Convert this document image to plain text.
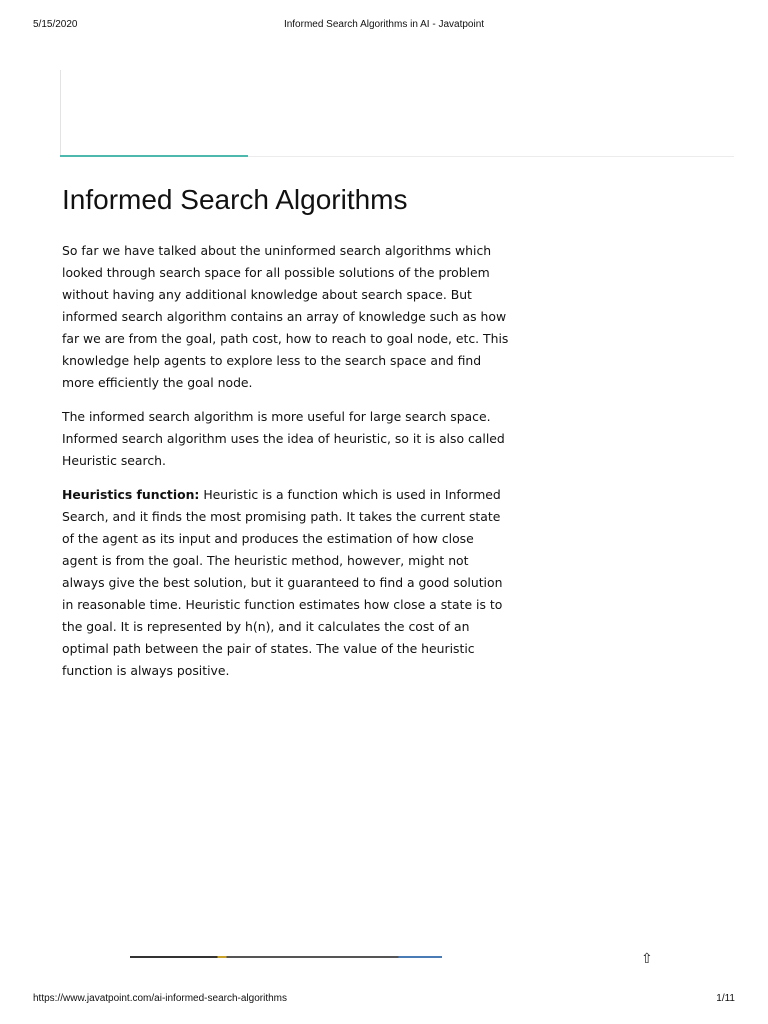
5/15/2020	Informed Search Algorithms in AI - Javatpoint
Informed Search Algorithms

So far we have talked about the uninformed search algorithms which looked through search space for all possible solutions of the problem without having any additional knowledge about search space. But informed search algorithm contains an array of knowledge such as how far we are from the goal, path cost, how to reach to goal node, etc. This knowledge help agents to explore less to the search space and find more efficiently the goal node.

The informed search algorithm is more useful for large search space. Informed search algorithm uses the idea of heuristic, so it is also called Heuristic search.

Heuristics function: Heuristic is a function which is used in Informed Search, and it finds the most promising path. It takes the current state of the agent as its input and produces the estimation of how close agent is from the goal. The heuristic method, however, might not always give the best solution, but it guaranteed to find a good solution in reasonable time. Heuristic function estimates how close a state is to the goal. It is represented by h(n), and it calculates the cost of an optimal path between the pair of states. The value of the heuristic function is always positive.

⇧
https://www.javatpoint.com/ai-informed-search-algorithms	1/11
